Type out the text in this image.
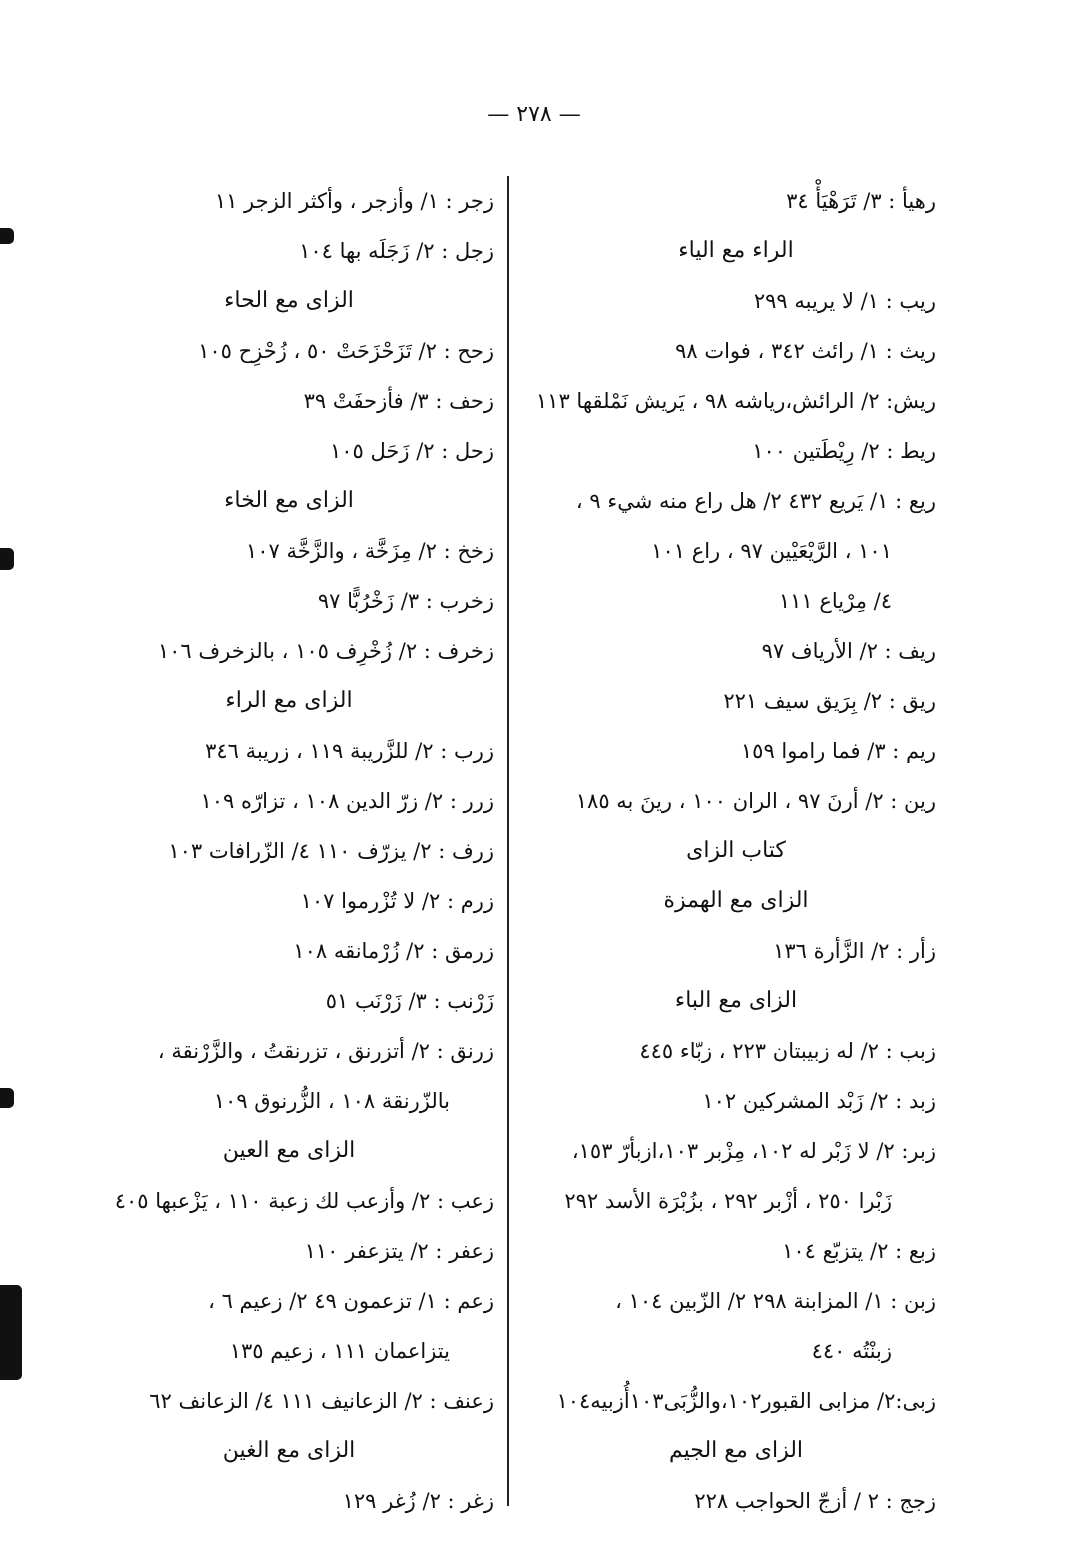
— ٢٧٨ —
رهيأ : ٣/ تَرَهْيَأْ ٣٤
الراء مع الياء
ريب : ١/ لا يريبه ٢٩٩
ريث : ١/ رائث ٣٤٢ ، فوات ٩٨
ريش: ٢/ الرائش،رياشه ٩٨ ، يَريش نَمْلقها ١١٣
ريط : ٢/ رِيْطَتين ١٠٠
ريع : ١/ يَريع ٤٣٢ ٢/ هل راع منه شيء ٩ ،
١٠١ ، الرَّيْعَيْين ٩٧ ، راع ١٠١
٤/ مِرْياع ١١١
ريف : ٢/ الأرياف ٩٧
ريق : ٢/ بِرَيق سيف ٢٢١
ريم : ٣/ فما راموا ١٥٩
رين : ٢/ أرنَ ٩٧ ، الران ١٠٠ ، رينَ به ١٨٥
كتاب الزاى
الزاى مع الهمزة
زأر : ٢/ الزَّأرة ١٣٦
الزاى مع الباء
زبب : ٢/ له زبيبتان ٢٢٣ ، زبّاء ٤٤٥
زبد : ٢/ زَبْد المشركين ١٠٢
زبر: ٢/ لا زَبْر له ١٠٢، مِزْبر ١٠٣،ازبأرّ ١٥٣،
زَبْرا ٢٥٠ ، أزْبر ٢٩٢ ، بزُبْرَة الأسد ٢٩٢
زبع : ٢/ يتزبّع ١٠٤
زبن : ١/ المزابنة ٢٩٨ ٢/ الزّبين ١٠٤ ،
زبنْتُه ٤٤٠
زبى:٢/ مزابى القبور١٠٢،والزُّبَى١٠٣أُزبيه١٠٤
الزاى مع الجيم
زجج : ٢ / أزجّ الحواجب ٢٢٨
زجر : ١/ وأزجر ، وأكثر الزجر ١١
زجل : ٢/ زَجَلَه بها ١٠٤
الزاى مع الحاء
زحح : ٢/ تَزَحْزَحَتْ ٥٠ ، زُحْزِح ١٠٥
زحف : ٣/ فأزحفَتْ ٣٩
زحل : ٢/ زَحَل ١٠٥
الزاى مع الخاء
زخخ : ٢/ مِزَخَّة ، والزَّخَّة ١٠٧
زخرب : ٣/ زَخْرُبًّا ٩٧
زخرف : ٢/ زُخْرِف ١٠٥ ، بالزخرف ١٠٦
الزاى مع الراء
زرب : ٢/ للزَّريبة ١١٩ ، زريبة ٣٤٦
زرر : ٢/ زرّ الدين ١٠٨ ، تزارّه ١٠٩
زرف : ٢/ يزرّف ١١٠ ٤/ الزّرافات ١٠٣
زرم : ٢/ لا تُزْرموا ١٠٧
زرمق : ٢/ زُرْمانقه ١٠٨
زَرْنب : ٣/ زَرْنَب ٥١
زرنق : ٢/ أتزرنق ، تزرنقتُ ، والزَّرْنقة ،
بالزّرنقة ١٠٨ ، الزُّرنوق ١٠٩
الزاى مع العين
زعب : ٢/ وأزعب لك زعبة ١١٠ ، يَزْعبها ٤٠٥
زعفر : ٢/ يتزعفر ١١٠
زعم : ١/ تزعمون ٤٩ ٢/ زعيم ٦ ،
يتزاعمان ١١١ ، زعيم ١٣٥
زعنف : ٢/ الزعانيف ١١١ ٤/ الزعانف ٦٢
الزاى مع الغين
زغر : ٢/ زُغر ١٢٩
